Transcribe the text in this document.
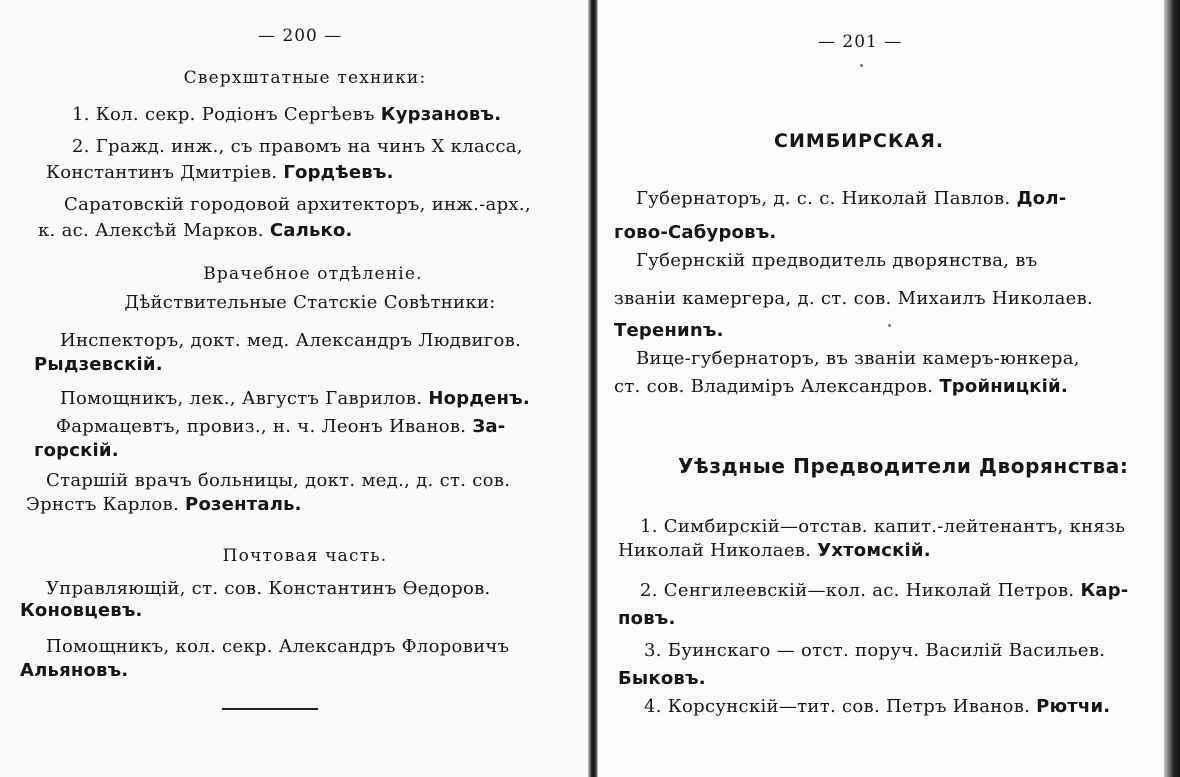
— 200 —
Сверхштатные техники:
1. Кол. секр. Родіонъ Сергѣевъ Курзановъ.
2. Гражд. инж., съ правомъ на чинъ X класса,
Константинъ Дмитріев. Гордѣевъ.
Саратовскій городовой архитекторъ, инж.-арх.,
к. ас. Алексѣй Марков. Салько.
Врачебное отдѣленіе.
Дѣйствительные Статскіе Совѣтники:
Инспекторъ, докт. мед. Александръ Людвигов.
Рыдзевскій.
Помощникъ, лек., Августъ Гаврилов. Норденъ.
Фармацевтъ, провиз., н. ч. Леонъ Иванов. За-
горскій.
Старшій врачъ больницы, докт. мед., д. ст. сов.
Эрнстъ Карлов. Розенталь.
Почтовая часть.
Управляющій, ст. сов. Константинъ Ѳедоров.
Коновцевъ.
Помощникъ, кол. секр. Александръ Флоровичъ
Альяновъ.
— 201 —
СИМБИРСКАЯ.
Губернаторъ, д. с. с. Николай Павлов. Дол-
гово-Сабуровъ.
Губернскій предводитель дворянства, въ
званіи камергера, д. ст. сов. Михаилъ Николаев.
Терениnъ.
Вице-губернаторъ, въ званіи камеръ-юнкера,
ст. сов. Владиміръ Александров. Тройницкій.
Уѣздные Предводители Дворянства:
1. Симбирскій—отстав. капит.-лейтенантъ, князь
Николай Николаев. Ухтомскій.
2. Сенгилеевскій—кол. ас. Николай Петров. Кар-
повъ.
3. Буинскаго — отст. поруч. Василій Васильев.
Быковъ.
4. Корсунскій—тит. сов. Петръ Иванов. Рютчи.
